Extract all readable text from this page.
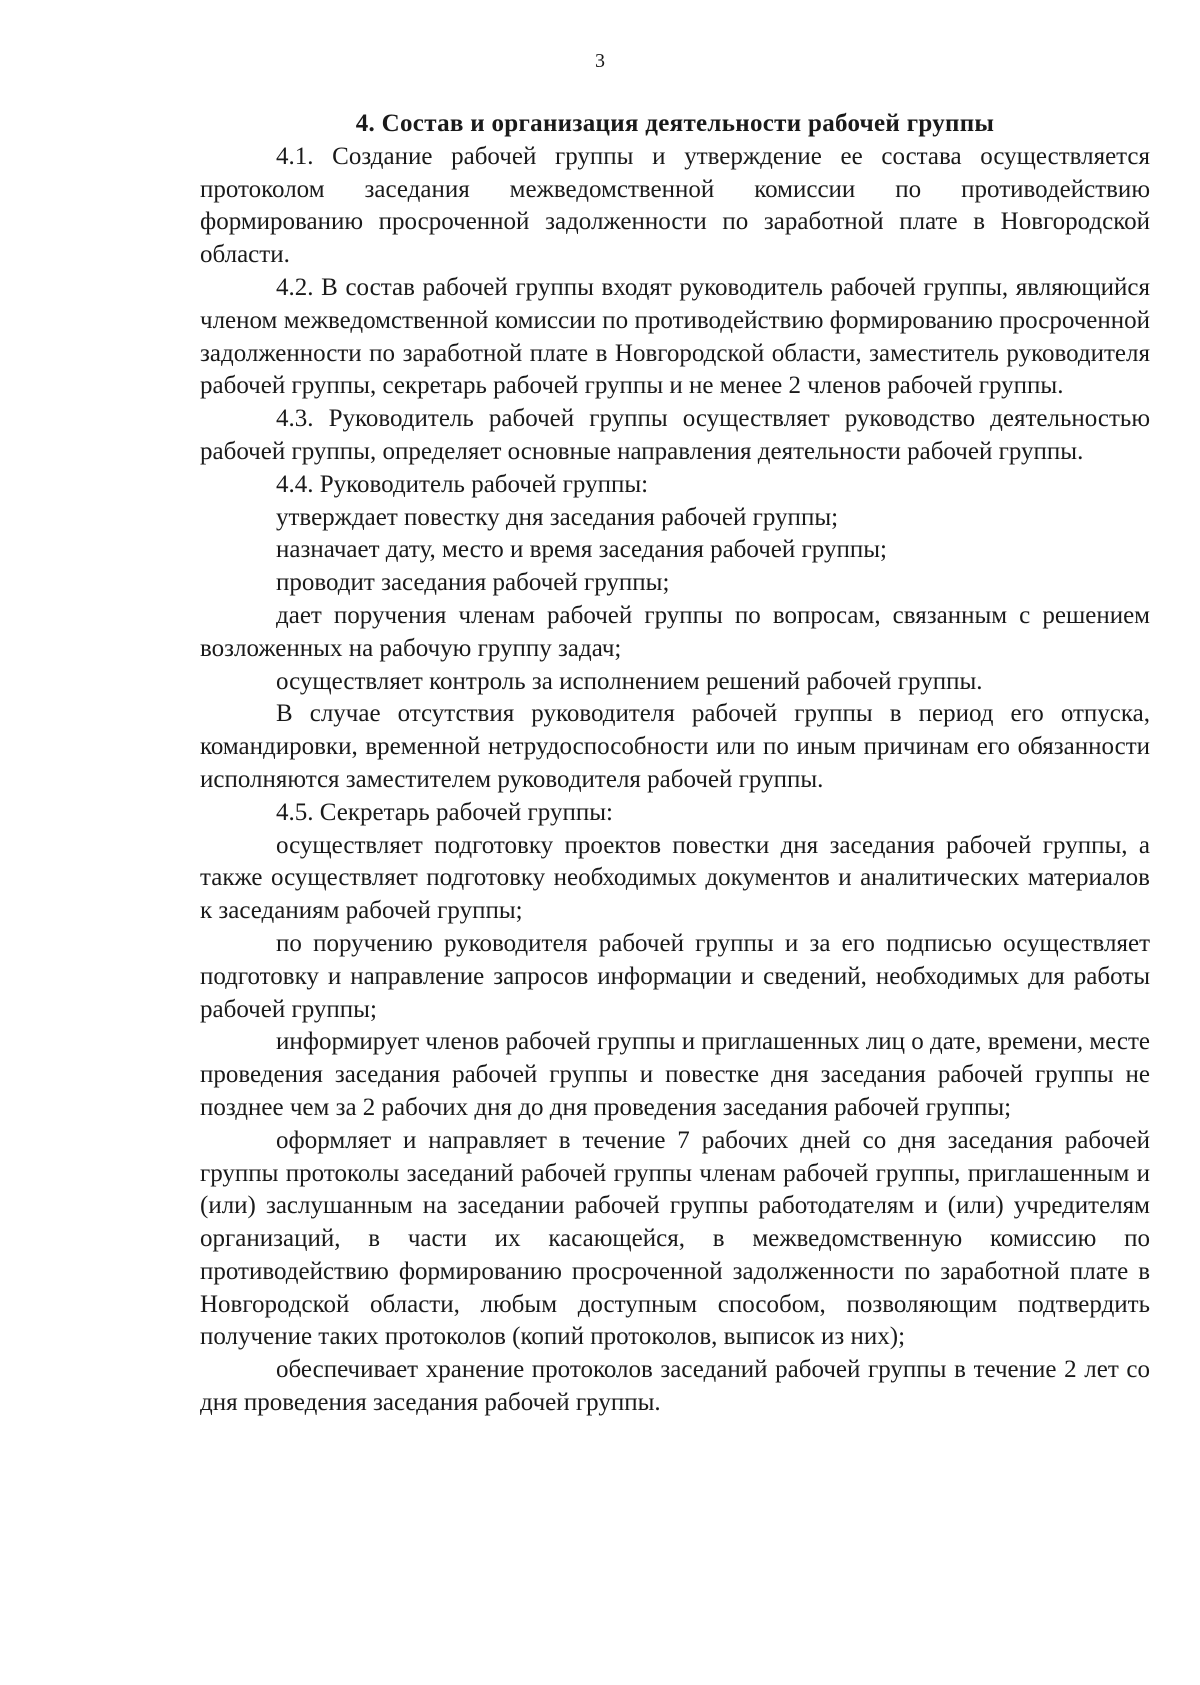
3

4. Состав и организация деятельности рабочей группы

4.1. Создание рабочей группы и утверждение ее состава осуществляется протоколом заседания межведомственной комиссии по противодействию формированию просроченной задолженности по заработной плате в Новгородской области.

4.2. В состав рабочей группы входят руководитель рабочей группы, являющийся членом межведомственной комиссии по противодействию формированию просроченной задолженности по заработной плате в Новгородской области, заместитель руководителя рабочей группы, секретарь рабочей группы и не менее 2 членов рабочей группы.

4.3. Руководитель рабочей группы осуществляет руководство деятельностью рабочей группы, определяет основные направления деятельности рабочей группы.

4.4. Руководитель рабочей группы:

утверждает повестку дня заседания рабочей группы;

назначает дату, место и время заседания рабочей группы;

проводит заседания рабочей группы;

дает поручения членам рабочей группы по вопросам, связанным с решением возложенных на рабочую группу задач;

осуществляет контроль за исполнением решений рабочей группы.

В случае отсутствия руководителя рабочей группы в период его отпуска, командировки, временной нетрудоспособности или по иным причинам его обязанности исполняются заместителем руководителя рабочей группы.

4.5. Секретарь рабочей группы:

осуществляет подготовку проектов повестки дня заседания рабочей группы, а также осуществляет подготовку необходимых документов и аналитических материалов к заседаниям рабочей группы;

по поручению руководителя рабочей группы и за его подписью осуществляет подготовку и направление запросов информации и сведений, необходимых для работы рабочей группы;

информирует членов рабочей группы и приглашенных лиц о дате, времени, месте проведения заседания рабочей группы и повестке дня заседания рабочей группы не позднее чем за 2 рабочих дня до дня проведения заседания рабочей группы;

оформляет и направляет в течение 7 рабочих дней со дня заседания рабочей группы протоколы заседаний рабочей группы членам рабочей группы, приглашенным и (или) заслушанным на заседании рабочей группы работодателям и (или) учредителям организаций, в части их касающейся, в межведомственную комиссию по противодействию формированию просроченной задолженности по заработной плате в Новгородской области, любым доступным способом, позволяющим подтвердить получение таких протоколов (копий протоколов, выписок из них);

обеспечивает хранение протоколов заседаний рабочей группы в течение 2 лет со дня проведения заседания рабочей группы.
